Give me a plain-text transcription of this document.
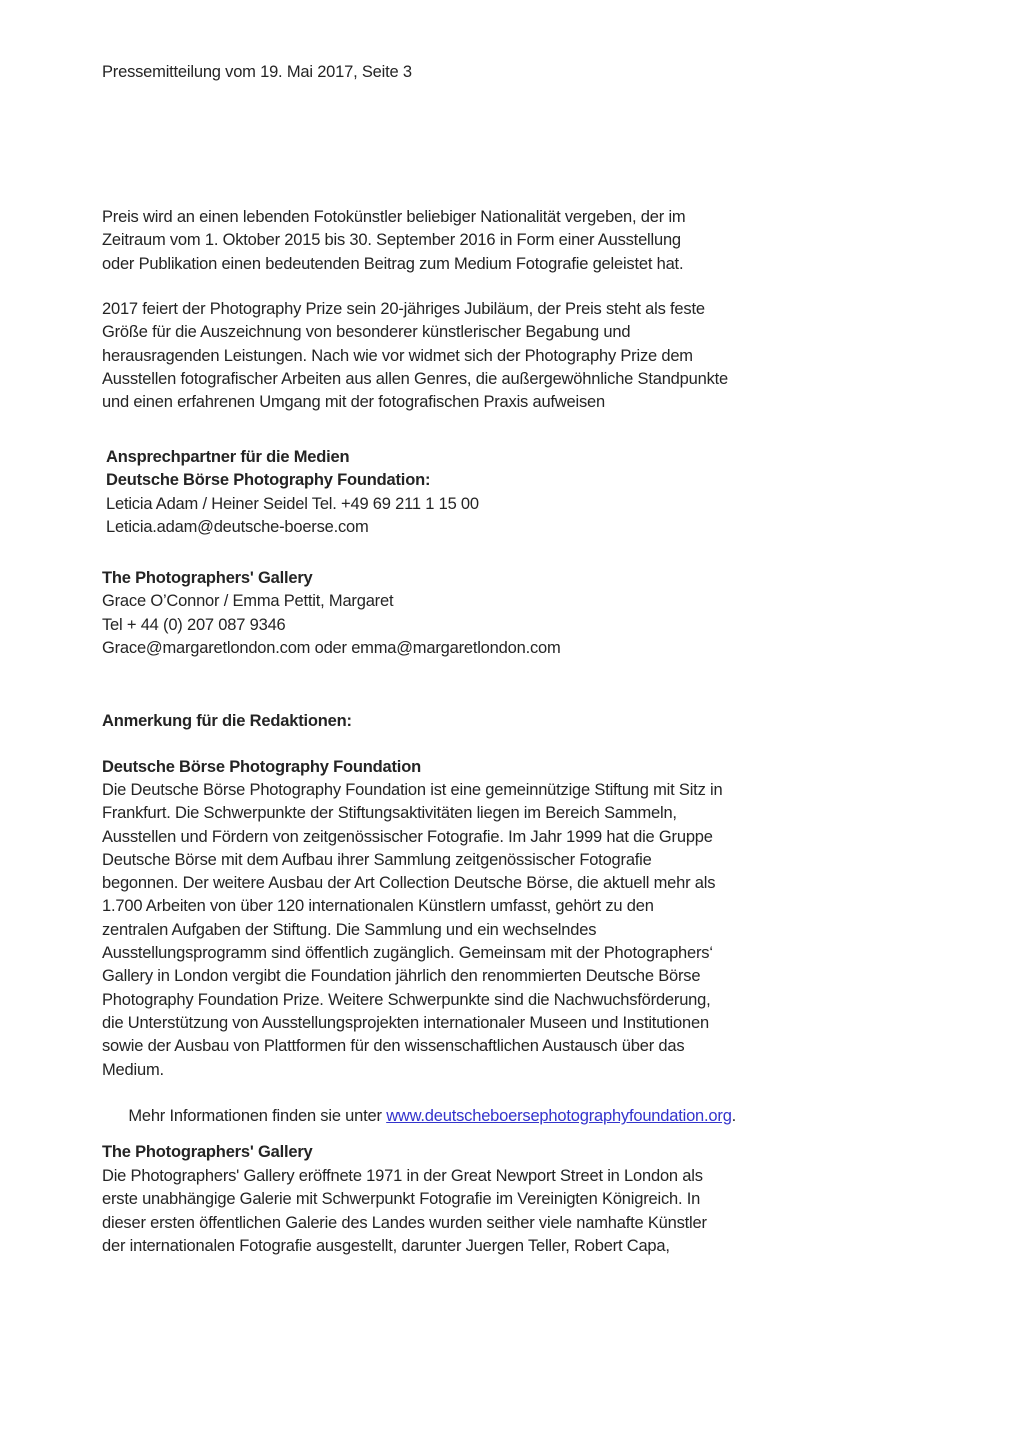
Pressemitteilung vom 19. Mai 2017, Seite 3
Preis wird an einen lebenden Fotokünstler beliebiger Nationalität vergeben, der im
Zeitraum vom 1. Oktober 2015 bis 30. September 2016 in Form einer Ausstellung
oder Publikation einen bedeutenden Beitrag zum Medium Fotografie geleistet hat.
2017 feiert der Photography Prize sein 20-jähriges Jubiläum, der Preis steht als feste
Größe für die Auszeichnung von besonderer künstlerischer Begabung und
herausragenden Leistungen. Nach wie vor widmet sich der Photography Prize dem
Ausstellen fotografischer Arbeiten aus allen Genres, die außergewöhnliche Standpunkte
und einen erfahrenen Umgang mit der fotografischen Praxis aufweisen
Ansprechpartner für die Medien
Deutsche Börse Photography Foundation:
Leticia Adam / Heiner Seidel Tel. +49 69 211 1 15 00
Leticia.adam@deutsche-boerse.com
The Photographers' Gallery
Grace O’Connor / Emma Pettit, Margaret
Tel + 44 (0) 207 087 9346
Grace@margaretlondon.com oder emma@margaretlondon.com
Anmerkung für die Redaktionen:
Deutsche Börse Photography Foundation
Die Deutsche Börse Photography Foundation ist eine gemeinnützige Stiftung mit Sitz in
Frankfurt. Die Schwerpunkte der Stiftungsaktivitäten liegen im Bereich Sammeln,
Ausstellen und Fördern von zeitgenössischer Fotografie. Im Jahr 1999 hat die Gruppe
Deutsche Börse mit dem Aufbau ihrer Sammlung zeitgenössischer Fotografie
begonnen. Der weitere Ausbau der Art Collection Deutsche Börse, die aktuell mehr als
1.700 Arbeiten von über 120 internationalen Künstlern umfasst, gehört zu den
zentralen Aufgaben der Stiftung. Die Sammlung und ein wechselndes
Ausstellungsprogramm sind öffentlich zugänglich. Gemeinsam mit der Photographers‘
Gallery in London vergibt die Foundation jährlich den renommierten Deutsche Börse
Photography Foundation Prize. Weitere Schwerpunkte sind die Nachwuchsförderung,
die Unterstützung von Ausstellungsprojekten internationaler Museen und Institutionen
sowie der Ausbau von Plattformen für den wissenschaftlichen Austausch über das
Medium.

Mehr Informationen finden sie unter www.deutscheboersephotographyfoundation.org.

The Photographers' Gallery
Die Photographers' Gallery eröffnete 1971 in der Great Newport Street in London als
erste unabhängige Galerie mit Schwerpunkt Fotografie im Vereinigten Königreich. In
dieser ersten öffentlichen Galerie des Landes wurden seither viele namhafte Künstler
der internationalen Fotografie ausgestellt, darunter Juergen Teller, Robert Capa,
